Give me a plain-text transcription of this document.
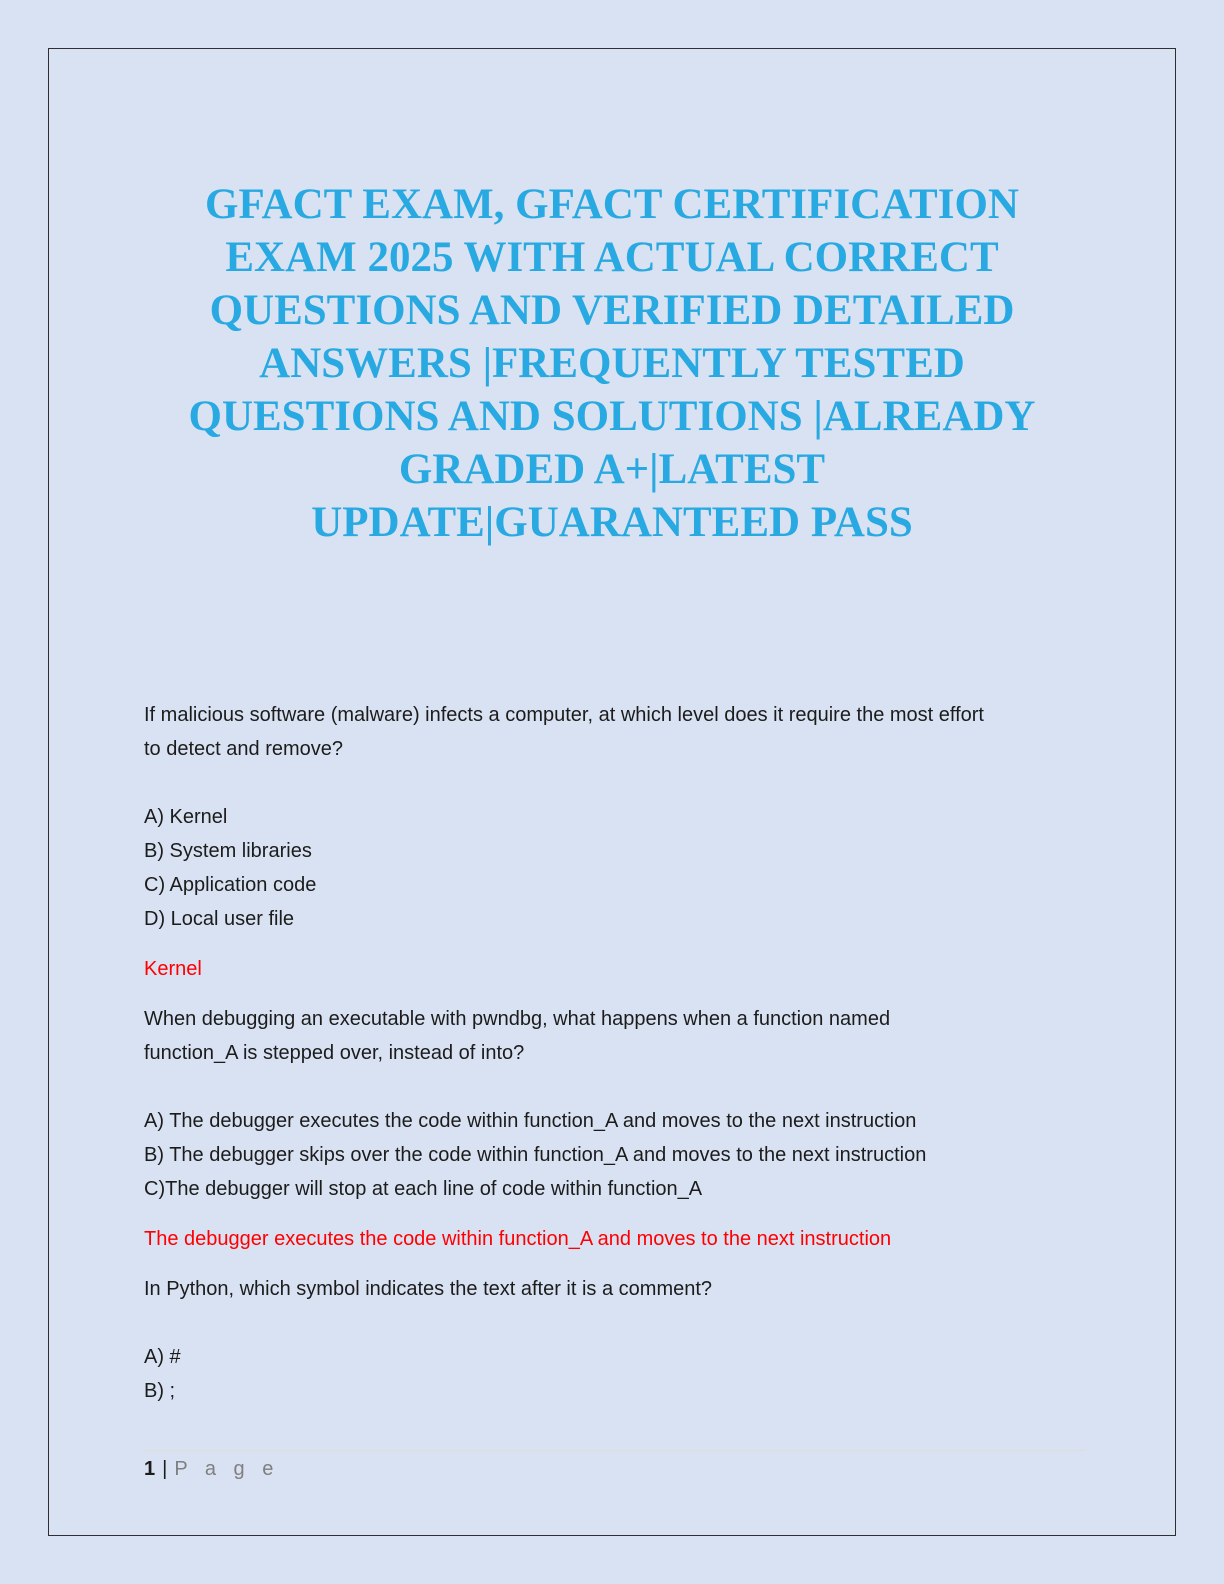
GFACT EXAM, GFACT CERTIFICATION
EXAM 2025 WITH ACTUAL CORRECT
QUESTIONS AND VERIFIED DETAILED
ANSWERS |FREQUENTLY TESTED
QUESTIONS AND SOLUTIONS |ALREADY
GRADED A+|LATEST
UPDATE|GUARANTEED PASS
If malicious software (malware) infects a computer, at which level does it require the most effort
to detect and remove?
A) Kernel
B) System libraries
C) Application code
D) Local user file
Kernel
When debugging an executable with pwndbg, what happens when a function named
function_A is stepped over, instead of into?
A) The debugger executes the code within function_A and moves to the next instruction
B) The debugger skips over the code within function_A and moves to the next instruction
C)The debugger will stop at each line of code within function_A
The debugger executes the code within function_A and moves to the next instruction
In Python, which symbol indicates the text after it is a comment?
A) #
B) ;
1 | P a g e
